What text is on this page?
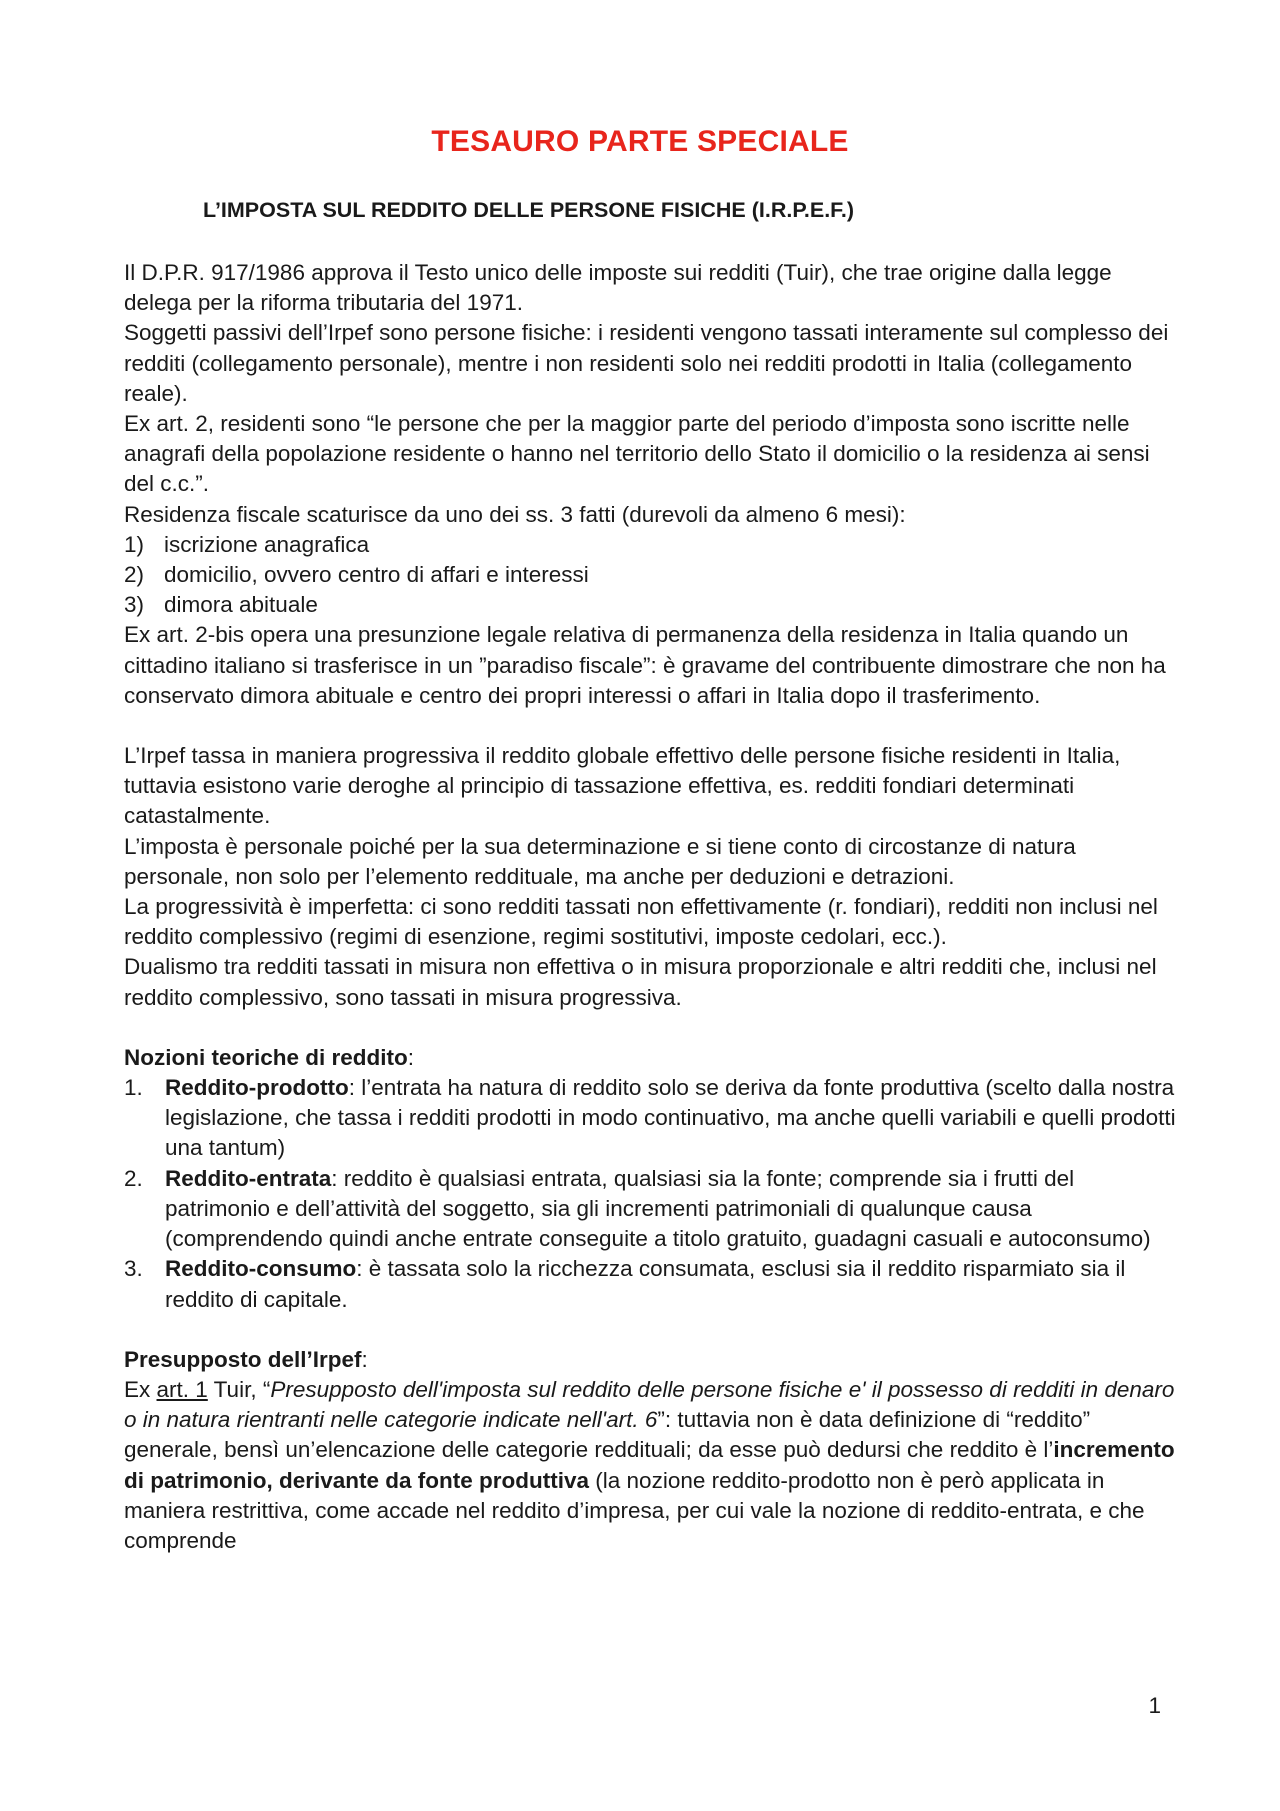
TESAURO PARTE SPECIALE
L’IMPOSTA SUL REDDITO DELLE PERSONE FISICHE (I.R.P.E.F.)

Il D.P.R. 917/1986 approva il Testo unico delle imposte sui redditi (Tuir), che trae origine dalla legge delega per la riforma tributaria del 1971.

Soggetti passivi dell’Irpef sono persone fisiche: i residenti vengono tassati interamente sul complesso dei redditi (collegamento personale), mentre i non residenti solo nei redditi prodotti in Italia (collegamento reale).

Ex art. 2, residenti sono “le persone che per la maggior parte del periodo d’imposta sono iscritte nelle anagrafi della popolazione residente o hanno nel territorio dello Stato il domicilio o la residenza ai sensi del c.c.”.

Residenza fiscale scaturisce da uno dei ss. 3 fatti (durevoli da almeno 6 mesi):

1) iscrizione anagrafica
2) domicilio, ovvero centro di affari e interessi
3) dimora abituale

Ex art. 2-bis opera una presunzione legale relativa di permanenza della residenza in Italia quando un cittadino italiano si trasferisce in un ”paradiso fiscale”: è gravame del contribuente dimostrare che non ha conservato dimora abituale e centro dei propri interessi o affari in Italia dopo il trasferimento.

L’Irpef tassa in maniera progressiva il reddito globale effettivo delle persone fisiche residenti in Italia, tuttavia esistono varie deroghe al principio di tassazione effettiva, es. redditi fondiari determinati catastalmente.

L’imposta è personale poiché per la sua determinazione e si tiene conto di circostanze di natura personale, non solo per l’elemento reddituale, ma anche per deduzioni e detrazioni.

La progressività è imperfetta: ci sono redditi tassati non effettivamente (r. fondiari), redditi non inclusi nel reddito complessivo (regimi di esenzione, regimi sostitutivi, imposte cedolari, ecc.).

Dualismo tra redditi tassati in misura non effettiva o in misura proporzionale e altri redditi che, inclusi nel reddito complessivo, sono tassati in misura progressiva.

Nozioni teoriche di reddito:

1. Reddito-prodotto: l’entrata ha natura di reddito solo se deriva da fonte produttiva (scelto dalla nostra legislazione, che tassa i redditi prodotti in modo continuativo, ma anche quelli variabili e quelli prodotti una tantum)
2. Reddito-entrata: reddito è qualsiasi entrata, qualsiasi sia la fonte; comprende sia i frutti del patrimonio e dell’attività del soggetto, sia gli incrementi patrimoniali di qualunque causa (comprendendo quindi anche entrate conseguite a titolo gratuito, guadagni casuali e autoconsumo)
3. Reddito-consumo: è tassata solo la ricchezza consumata, esclusi sia il reddito risparmiato sia il reddito di capitale.

Presupposto dell’Irpef:

Ex art. 1 Tuir, “Presupposto dell'imposta sul reddito delle persone fisiche e' il possesso di redditi in denaro o in natura rientranti nelle categorie indicate nell'art. 6”: tuttavia non è data definizione di “reddito” generale, bensì un’elencazione delle categorie reddituali; da esse può dedursi che reddito è l’incremento di patrimonio, derivante da fonte produttiva (la nozione reddito-prodotto non è però applicata in maniera restrittiva, come accade nel reddito d’impresa, per cui vale la nozione di reddito-entrata, e che comprende

1
